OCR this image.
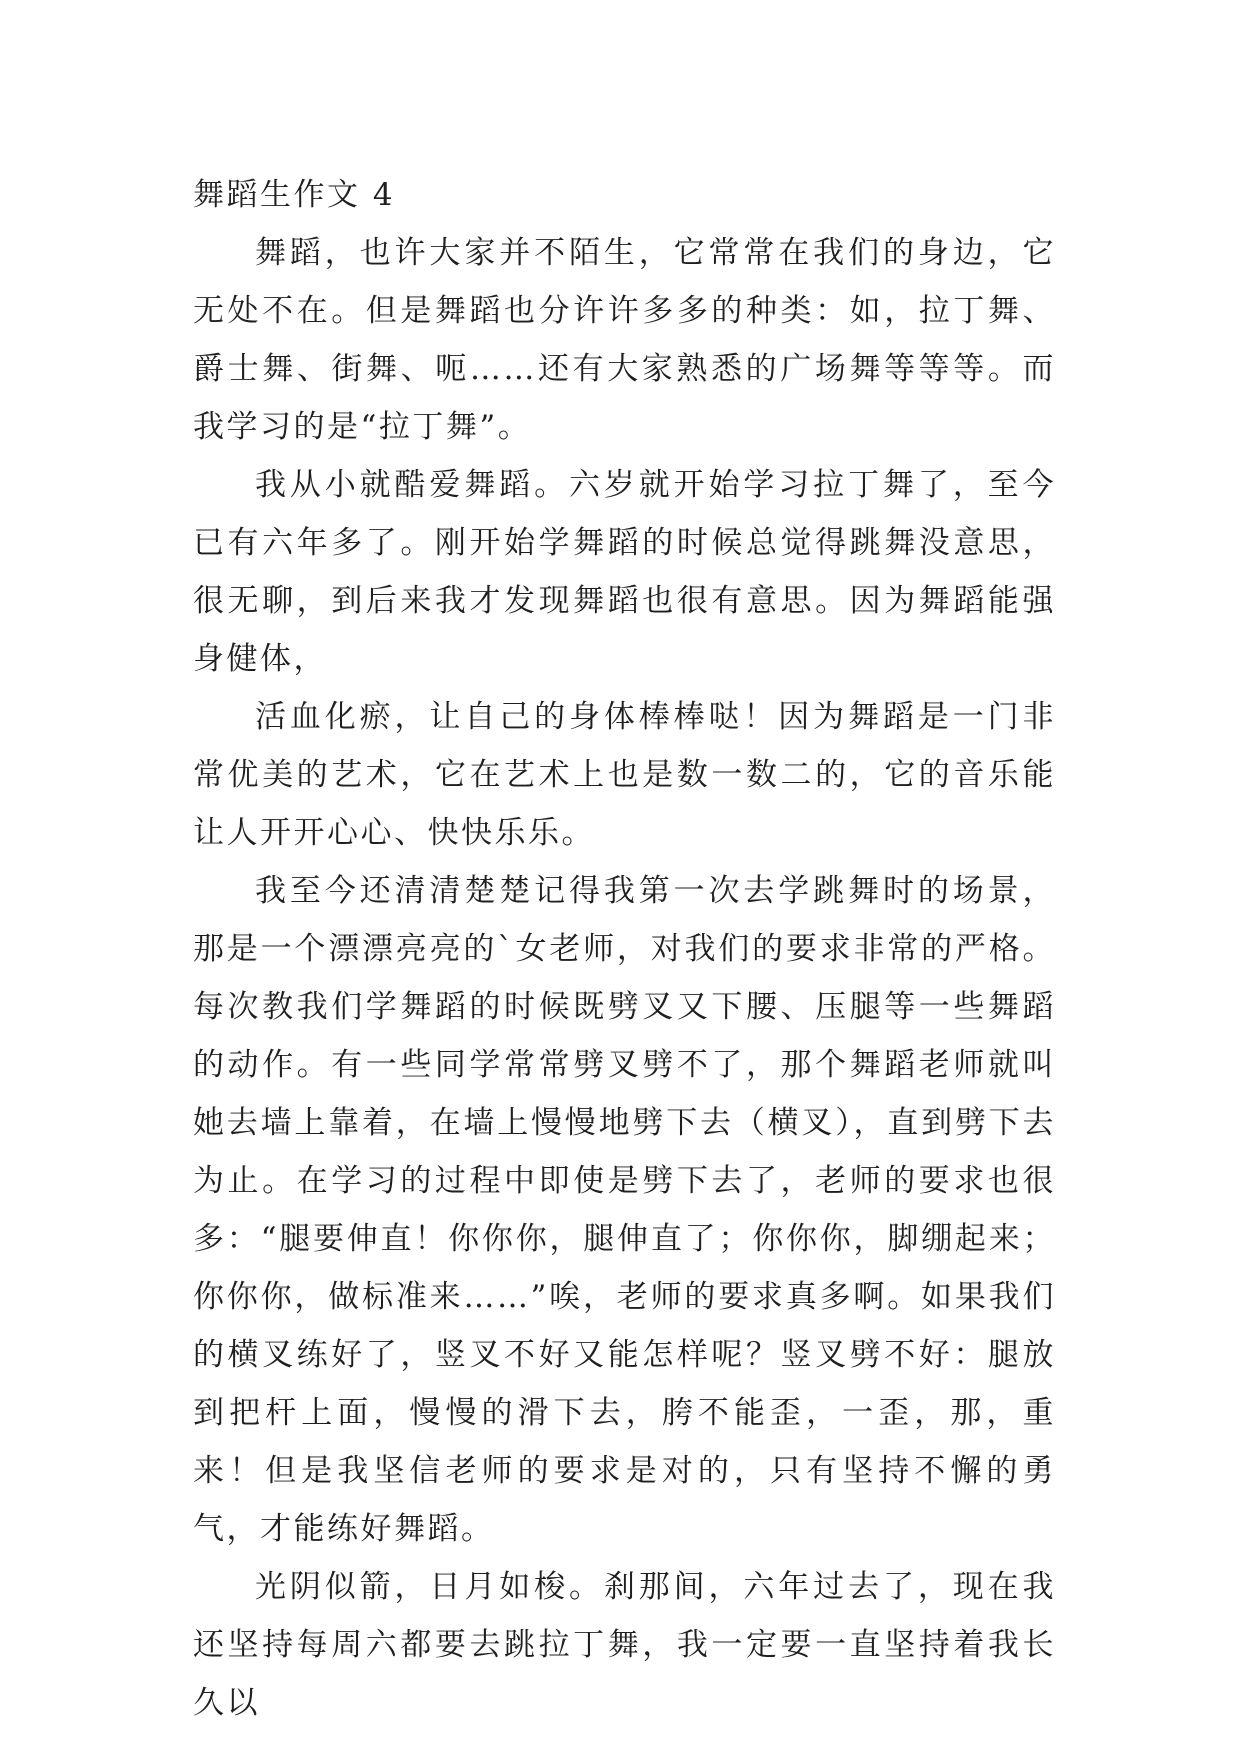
舞蹈生作文 4

舞蹈，也许大家并不陌生，它常常在我们的身边，它无处不在。但是舞蹈也分许许多多的种类：如，拉丁舞、爵士舞、街舞、呃……还有大家熟悉的广场舞等等等。而我学习的是“拉丁舞”。

我从小就酷爱舞蹈。六岁就开始学习拉丁舞了，至今已有六年多了。刚开始学舞蹈的时候总觉得跳舞没意思，很无聊，到后来我才发现舞蹈也很有意思。因为舞蹈能强身健体，

活血化瘀，让自己的身体棒棒哒！因为舞蹈是一门非常优美的艺术，它在艺术上也是数一数二的，它的音乐能让人开开心心、快快乐乐。

我至今还清清楚楚记得我第一次去学跳舞时的场景，那是一个漂漂亮亮的`女老师，对我们的要求非常的严格。每次教我们学舞蹈的时候既劈叉又下腰、压腿等一些舞蹈的动作。有一些同学常常劈叉劈不了，那个舞蹈老师就叫她去墙上靠着，在墙上慢慢地劈下去（横叉），直到劈下去为止。在学习的过程中即使是劈下去了，老师的要求也很多：“腿要伸直！你你你，腿伸直了；你你你，脚绷起来；你你你，做标准来……”唉，老师的要求真多啊。如果我们的横叉练好了，竖叉不好又能怎样呢？竖叉劈不好：腿放到把杆上面，慢慢的滑下去，胯不能歪，一歪，那，重来！但是我坚信老师的要求是对的，只有坚持不懈的勇气，才能练好舞蹈。

光阴似箭，日月如梭。刹那间，六年过去了，现在我还坚持每周六都要去跳拉丁舞，我一定要一直坚持着我长久以
